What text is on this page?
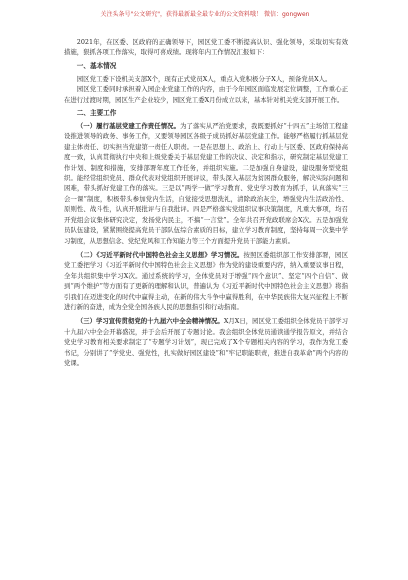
关注头条号"公文研究"，获得最新最全最专业的公文资料哦！ 微信：gongwen

2021年，在区委、区政府的正确领导下，园区党工委不断提高认识、强化领导，采取切实有效措施，狠抓各项工作落实，取得可喜成绩。现将年内工作情况汇报如下：

一、基本情况

园区党工委下设机关支部X个，现有正式党员X人，重点入党积极分子X人，预备党员X人。

园区党工委同时承担着入园企业党建工作的内容，由于今年园区面临发展定位调整，工作重心正在进行过渡时期，园区生产企业较少，园区党工委X月份成立以来，基本针对机关党支部开展工作。

二、主要工作

（一）履行基层党建工作责任情况。为了落实从严治党要求，我既要抓好“十四五”主场馆工程建设推进领导的政务、事务工作，又要领导园区各级子成员抓好基层党建工作。能够严格履行抓基层党建主体责任、切实担当党建第一责任人职责。一是在思想上、政治上、行动上与区委、区政府保持高度一致，认真贯彻执行中央和上级党委关于基层党建工作的决议、决定和指示，研究制定基层党建工作计划、制度和措施，安排部署年度工作任务，并组织实施。二是加强自身建设，建设服务型党组织。能经常组织党员、群众代表对党组织开展评议，带头深入基层为贫困群众服务，解决实际问题和困难，带头抓好党建工作的落实。三是以“两学一做”学习教育、党史学习教育为抓手，认真落实“三会一课”制度，积极带头参加党内生活，自觉接受思想洗礼，清除政治灰尘，增强党内生活政治性、原则性、战斗性，认真开展批评与自我批评。四是严格落实党组织议事决策制度，凡重大事项，均召开党组会议集体研究决定，发扬党内民主，不搞“一言堂”。全年共召开党政联席会X次。五是加强党员队伍建设，紧紧围绕提高党员干部队伍综合素质的目标，建立学习教育制度，坚持每周一次集中学习制度，从思想信念、党纪党风和工作知能力等三个方面提升党员干部能力素质。

（二）《习近平新时代中国特色社会主义思想》学习情况。按照区委组织部工作安排部署，园区党工委把学习《习近平新时代中国特色社会主义思想》作为党的建设重要内容，纳入重要议事日程，全年共组织集中学习X次。通过系统的学习，全体党员对于增强“四个意识”、坚定“四个自信”、做到“两个维护”等方面有了更新的理解和认识，普遍认为《习近平新时代中国特色社会主义思想》将指引我们在迈进变化的时代中赢得主动，在新的伟大斗争中赢得胜利，在中华民族伟大复兴征程上不断进行新的奋进，成为全党全国各族人民的思想指引和行动指南。

（三）学习宣传贯彻党的十九届六中全会精神情况。X月X日，园区党工委组织全体党员干部学习十九届六中全会开幕盛况，并于会后开展了专题讨论。我会组织全体党员通读通学报告原文，并结合党史学习教育相关要求制定了“专题学习计划”，现已完成了X个专题相关内容的学习，我作为党工委书记，分别讲了“学党史、强党性，扎实做好园区建设”和“牢记职能职责，推进自我革命”两个内容的党课。
